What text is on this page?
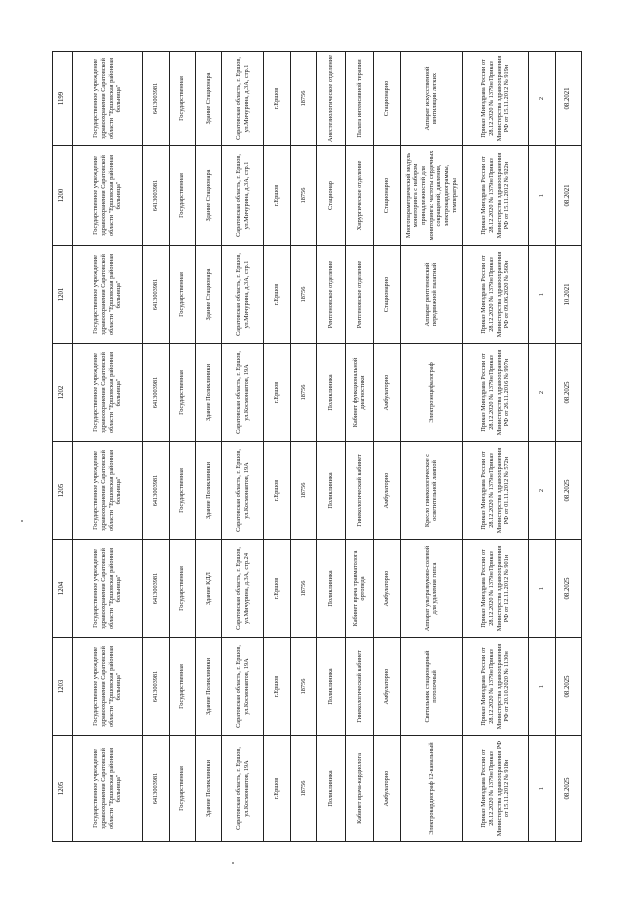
1205	1203	1204	1205	1202	1201	1200	1199
Государственное учреждение здравоохранения Саратовской области "Ершовская районная больница"	Государственное учреждение здравоохранения Саратовской области "Ершовская районная больница"	Государственное учреждение здравоохранения Саратовской области "Ершовская районная больница"	Государственное учреждение здравоохранения Саратовской области "Ершовская районная больница"	Государственное учреждение здравоохранения Саратовской области "Ершовская районная больница"	Государственное учреждение здравоохранения Саратовской области "Ершовская районная больница"	Государственное учреждение здравоохранения Саратовской области "Ершовская районная больница"	Государственное учреждение здравоохранения Саратовской области "Ершовская районная больница"
6413003981	6413003981	6413003981	6413003981	6413003981	6413003981	6413003981	6413003981
Государственная	Государственная	Государственная	Государственная	Государственная	Государственная	Государственная	Государственная
Здание Поликлиники	Здание Поликлиники	Здание КДЛ	Здание Поликлиники	Здание Поликлиники	Здание Стационара	Здание Стационара	Здание Стационара
Саратовская область, г. Ершов, ул.Космонавтов, 19А	Саратовская область, г. Ершов, ул.Космонавтов, 19А	Саратовская область, г. Ершов, ул.Мичурина, д.3А, стр.24	Саратовская область, г. Ершов, ул.Космонавтов, 19А	Саратовская область, г. Ершов, ул.Космонавтов, 19А	Саратовская область, г. Ершов, ул.Мичурина, д.3А, стр.1	Саратовская область, г. Ершов, ул.Мичурина, д.3А, стр.1	Саратовская область, г. Ершов, ул.Мичурина, д.3А, стр.1
г.Ершов	г.Ершов	г.Ершов	г.Ершов	г.Ершов	г.Ершов	г.Ершов	г.Ершов
18756	18756	18756	18756	18756	18756	18756	18756
Поликлиника	Поликлиника	Поликлиника	Поликлиника	Поликлиника	Рентгеновское отделение	Стационар	Анестезиологическое отделение
Кабинет врача-кардиолога	Гинекологический кабинет	Кабинет врача травматолога ортопеда	Гинекологический кабинет	Кабинет функциональной диагностики	Рентгеновское отделение	Хирургическое отделение	Палата интенсивной терапии
Амбулаторно	Амбулаторно	Амбулаторно	Амбулаторно	Амбулаторно	Стационарно	Стационарно	Стационарно
Электрокардиограф 12-канальный	Светильник стационарный потолочный	Аппарат ультразвуково-солевой для удаления гипса	Кресло гинекологическое с осветительной лампой	Электроэнцефалограф	Аппарат рентгеновский передвижной палатный	Многопараметрический модуль мониторинга с набором принадлежностей для мониторинга: частоты сердечных сокращений, давления, электрокардиограммы, температуры	Аппарат искусственной вентиляции легких
Приказ Минздрава России от 28.12.2020 № 1379н/Приказ Министерства здравоохранения РФ от 15.11.2012 № 918н	Приказ Минздрава России от 28.12.2020 № 1379н/Приказ Министерства здравоохранения РФ от 20.10.2020 № 1130н	Приказ Минздрава России от 28.12.2020 № 1379н/Приказ Министерства здравоохранения РФ от 12.11.2012 № 901н	Приказ Минздрава России от 28.12.2020 № 1379н/Приказ Министерства здравоохранения РФ от 01.11.2012 № 572н	Приказ Минздрава России от 28.12.2020 № 1379н/Приказ Министерства здравоохранения РФ от 26.11.2016 № 997н	Приказ Минздрава России от 28.12.2020 № 1379н/Приказ Министерства здравоохранения РФ от 09.06.2020 № 560н	Приказ Минздрава России от 28.12.2020 № 1379н/Приказ Министерства здравоохранения РФ от 15.11.2012 № 922н	Приказ Минздрава России от 28.12.2020 № 1379н/Приказ Министерства здравоохранения РФ от 15.11.2012 № 919н
1	1	1	2	2	1	1	2
08.2025	08.2025	08.2025	08.2025	08.2025	10.2021	08.2021	08.2021
